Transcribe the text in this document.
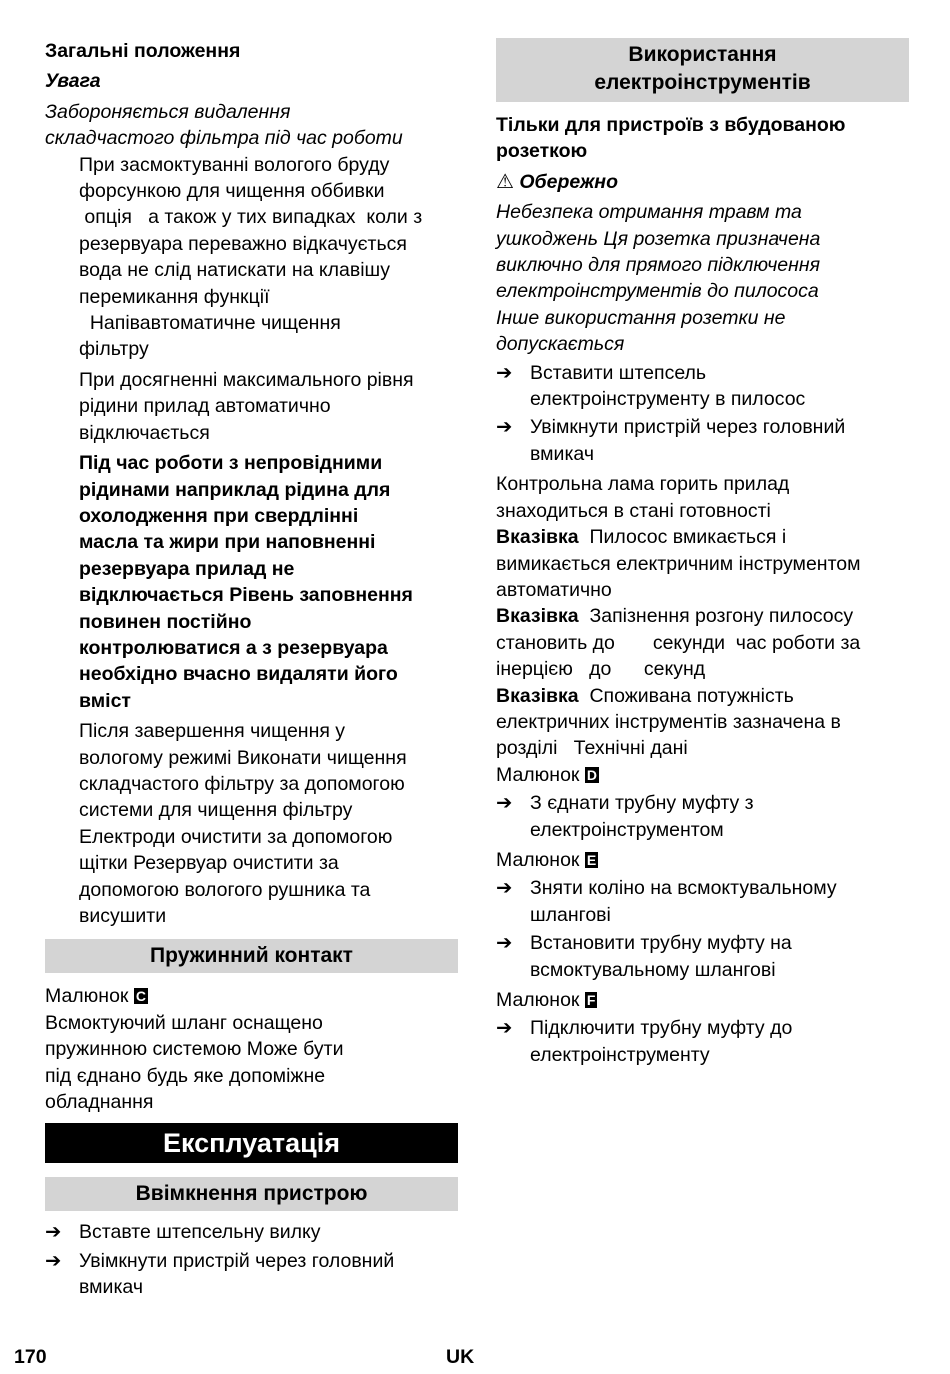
Загальні положення

Увага

Забороняється видалення

складчастого фільтра під час роботи

При засмоктуванні вологого бруду

форсункою для чищення оббивки

опція   а також у тих випадках  коли з

резервуара переважно відкачується

вода не слід натискати на клавішу

перемикання функції

Напівавтоматичне чищення

фільтру

При досягненні максимального рівня

рідини прилад автоматично

відключається

Під час роботи з непровідними

рідинами наприклад рідина для

охолодження при свердлінні

масла та жири при наповненні

резервуара прилад не

відключається Рівень заповнення

повинен постійно

контролюватися а з резервуара

необхідно вчасно видаляти його

вміст

Після завершення чищення у

вологому режимі Виконати чищення

складчастого фільтру за допомогою

системи для чищення фільтру

Електроди очистити за допомогою

щітки Резервуар очистити за

допомогою вологого рушника та

висушити

Пружинний контакт

Малюнок C

Всмоктуючий шланг оснащено

пружинною системою Може бути

під єднано будь яке допоміжне

обладнання

Експлуатація
Ввімкнення пристрою
➔ Вставте штепсельну вилку

➔ Увімкнути пристрій через головний

вмикач

Використання

електроінструментів

Тільки для пристроїв з вбудованою

розеткою

⚠ Обережно

Небезпека отримання травм та

ушкоджень Ця розетка призначена

виключно для прямого підключення

електроінструментів до пилососа

Інше використання розетки не

допускається

➔ Вставити штепсель

електроінструменту в пилосос

➔ Увімкнути пристрій через головний

вмикач

Контрольна лама горить прилад

знаходиться в стані готовності

Вказівка  Пилосос вмикається і

вимикається електричним інструментом

автоматично

Вказівка  Запізнення розгону пилососу

становить до       секунди  час роботи за

інерцією   до      секунд

Вказівка  Споживана потужність

електричних інструментів зазначена в

розділі   Технічні дані

Малюнок D

➔ З єднати трубну муфту з

електроінструментом

Малюнок E

➔ Зняти коліно на всмоктувальному

шлангові

➔ Встановити трубну муфту на

всмоктувальному шлангові

Малюнок F

➔ Підключити трубну муфту до

електроінструменту

170	UK
